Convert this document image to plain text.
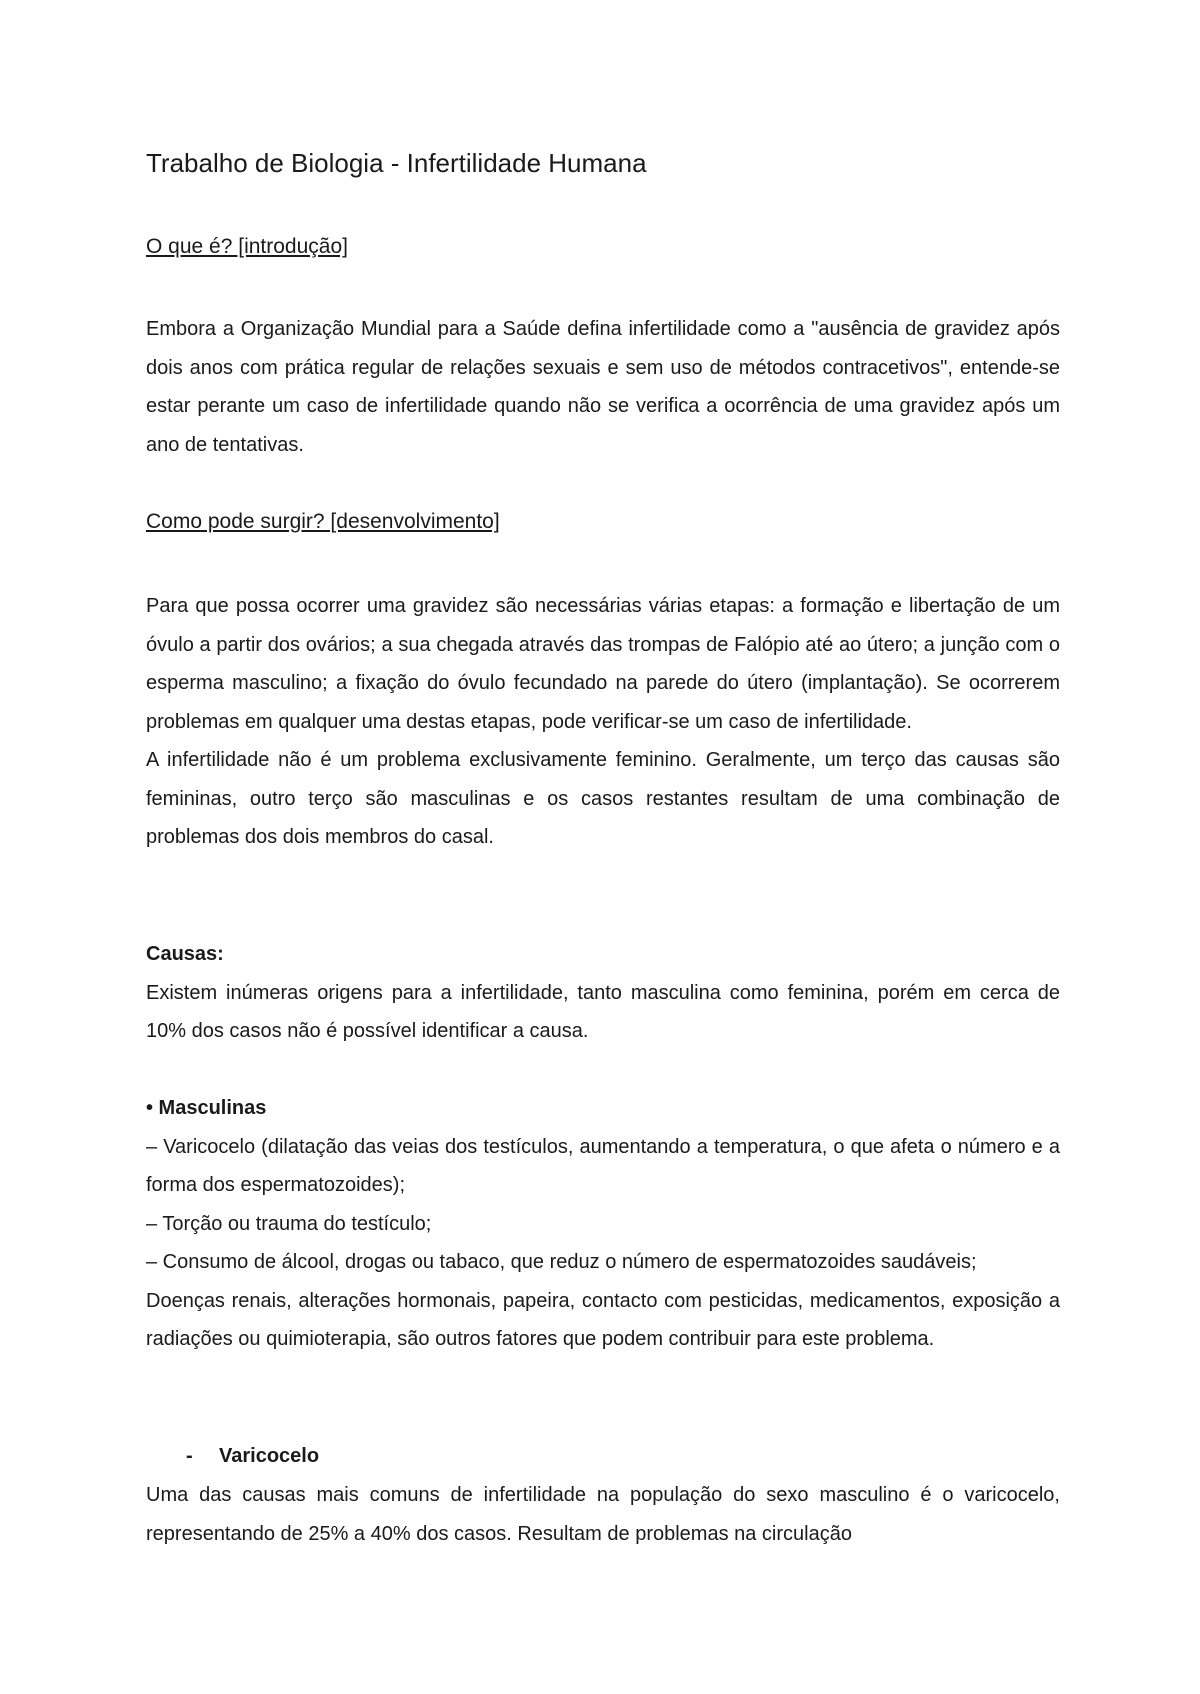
Trabalho de Biologia - Infertilidade Humana
O que é? [introdução]

Embora a Organização Mundial para a Saúde defina infertilidade como a "ausência de gravidez após dois anos com prática regular de relações sexuais e sem uso de métodos contracetivos", entende-se estar perante um caso de infertilidade quando não se verifica a ocorrência de uma gravidez após um ano de tentativas.

Como pode surgir? [desenvolvimento]

Para que possa ocorrer uma gravidez são necessárias várias etapas: a formação e libertação de um óvulo a partir dos ovários; a sua chegada através das trompas de Falópio até ao útero; a junção com o esperma masculino; a fixação do óvulo fecundado na parede do útero (implantação). Se ocorrerem problemas em qualquer uma destas etapas, pode verificar-se um caso de infertilidade.

A infertilidade não é um problema exclusivamente feminino. Geralmente, um terço das causas são femininas, outro terço são masculinas e os casos restantes resultam de uma combinação de problemas dos dois membros do casal.

Causas:

Existem inúmeras origens para a infertilidade, tanto masculina como feminina, porém em cerca de 10% dos casos não é possível identificar a causa.

• Masculinas

– Varicocelo (dilatação das veias dos testículos, aumentando a temperatura, o que afeta o número e a forma dos espermatozoides);

– Torção ou trauma do testículo;

– Consumo de álcool, drogas ou tabaco, que reduz o número de espermatozoides saudáveis;

Doenças renais, alterações hormonais, papeira, contacto com pesticidas, medicamentos, exposição a radiações ou quimioterapia, são outros fatores que podem contribuir para este problema.

- Varicocelo

Uma das causas mais comuns de infertilidade na população do sexo masculino é o varicocelo, representando de 25% a 40% dos casos. Resultam de problemas na circulação
